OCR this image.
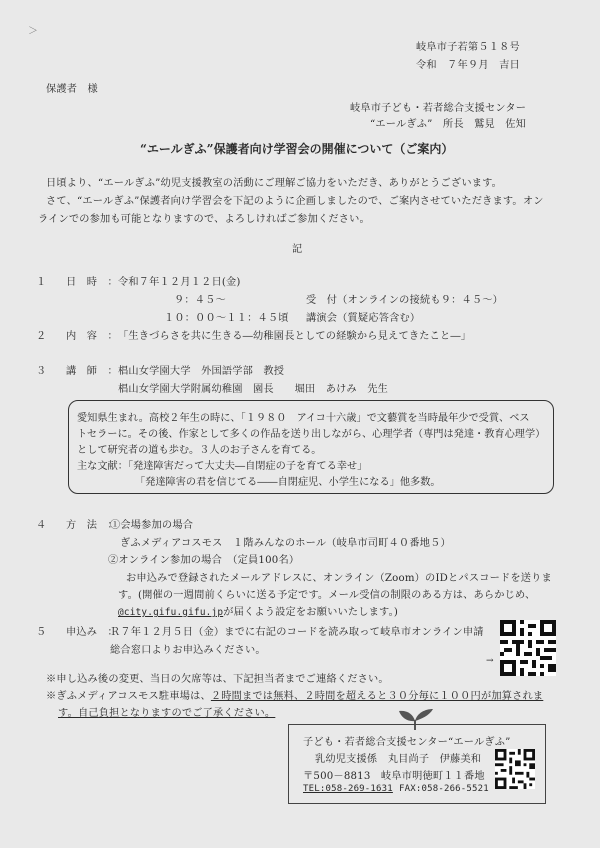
＞
岐阜市子若第５１８号
令和　７年９月　吉日
保護者　様
岐阜市子ども・若者総合支援センター
“エールぎふ”　所長　鷲見　佐知
“エールぎふ”保護者向け学習会の開催について（ご案内）
日頃より、“エールぎふ”幼児支援教室の活動にご理解ご協力をいただき、ありがとうございます。
さて、“エールぎふ”保護者向け学習会を下記のように企画しましたので、ご案内させていただきます。オン
ラインでの参加も可能となりますので、よろしければご参加ください。
記
１ 日　時　： 令和７年１２月１２日(金)
９：４５～	受　付（オンラインの接続も９：４５～）
１０：００～１１：４５頃 講演会（質疑応答含む）
２ 内　容　： 「生きづらさを共に生きる―幼稚園長としての経験から見えてきたこと―」
３ 講　師　： 椙山女学園大学　外国語学部　教授
椙山女学園大学附属幼稚園　園長　　堀田　あけみ　先生
愛知県生まれ。高校２年生の時に、「１９８０　アイコ十六歳」で文藝賞を当時最年少で受賞、ベス
トセラーに。その後、作家として多くの作品を送り出しながら、心理学者（専門は発達・教育心理学）
として研究者の道も歩む。３人のお子さんを育てる。
主な文献：「発達障害だって大丈夫―自閉症の子を育てる幸せ」
「発達障害の君を信じてる――自閉症児、小学生になる」他多数。
４ 方　法　：
①会場参加の場合
ぎふメディアコスモス　１階みんなのホール（岐阜市司町４０番地５）
②オンライン参加の場合　（定員100名）
お申込みで登録されたメールアドレスに、オンライン（Zoom）のIDとパスコードを送りま
す。(開催の一週間前くらいに送る予定です。メール受信の制限のある方は、あらかじめ、
@city.gifu.gifu.jpが届くよう設定をお願いいたします。)
５ 申込み　：
Ｒ７年１２月５日（金）までに右記のコードを読み取って岐阜市オンライン申請
総合窓口よりお申込みください。
→
※申し込み後の変更、当日の欠席等は、下記担当者までご連絡ください。
※ぎふメディアコスモス駐車場は、２時間までは無料、２時間を超えると３０分毎に１００円が加算されま
す。自己負担となりますのでご了承ください。
子ども・若者総合支援センター“エールぎふ”
乳幼児支援係　丸目尚子　伊藤美和
〒500－8813　岐阜市明徳町１１番地
TEL:058-269-1631 FAX:058-266-5521
